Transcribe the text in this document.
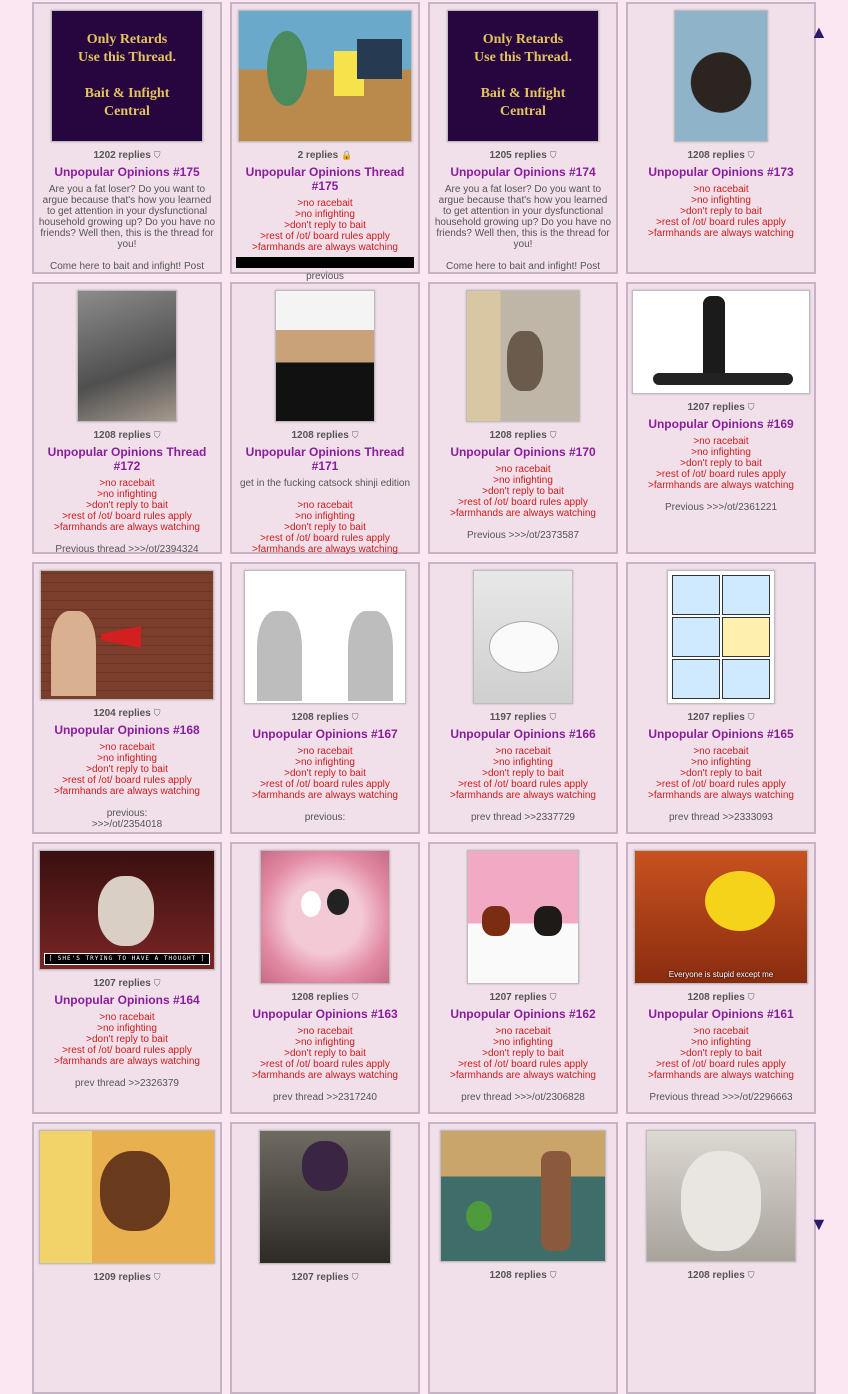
Only Retards
Use this Thread.
Bait & Infight
Central
1202 replies ⛉
Unpopular Opinions #175
Are you a fat loser? Do you want to argue because that's how you learned to get attention in your dysfunctional household growing up? Do you have no friends? Well then, this is the thread for you!
Come here to bait and infight! Post
2 replies 🔒
Unpopular Opinions Thread #175
>no racebait
>no infighting
>don't reply to bait
>rest of /ot/ board rules apply
>farmhands are always watching
previous
Only Retards
Use this Thread.
Bait & Infight
Central
1205 replies ⛉
Unpopular Opinions #174
Are you a fat loser? Do you want to argue because that's how you learned to get attention in your dysfunctional household growing up? Do you have no friends? Well then, this is the thread for you!
Come here to bait and infight! Post
1208 replies ⛉
Unpopular Opinions #173
>no racebait
>no infighting
>don't reply to bait
>rest of /ot/ board rules apply
>farmhands are always watching
1208 replies ⛉
Unpopular Opinions Thread #172
>no racebait
>no infighting
>don't reply to bait
>rest of /ot/ board rules apply
>farmhands are always watching
Previous thread >>>/ot/2394324
1208 replies ⛉
Unpopular Opinions Thread #171
get in the fucking catsock shinji edition
>no racebait
>no infighting
>don't reply to bait
>rest of /ot/ board rules apply
>farmhands are always watching
1208 replies ⛉
Unpopular Opinions #170
>no racebait
>no infighting
>don't reply to bait
>rest of /ot/ board rules apply
>farmhands are always watching
Previous >>>/ot/2373587
1207 replies ⛉
Unpopular Opinions #169
>no racebait
>no infighting
>don't reply to bait
>rest of /ot/ board rules apply
>farmhands are always watching
Previous >>>/ot/2361221
1204 replies ⛉
Unpopular Opinions #168
>no racebait
>no infighting
>don't reply to bait
>rest of /ot/ board rules apply
>farmhands are always watching
previous:
>>>/ot/2354018
1208 replies ⛉
Unpopular Opinions #167
>no racebait
>no infighting
>don't reply to bait
>rest of /ot/ board rules apply
>farmhands are always watching
previous:
1197 replies ⛉
Unpopular Opinions #166
>no racebait
>no infighting
>don't reply to bait
>rest of /ot/ board rules apply
>farmhands are always watching
prev thread >>2337729
1207 replies ⛉
Unpopular Opinions #165
>no racebait
>no infighting
>don't reply to bait
>rest of /ot/ board rules apply
>farmhands are always watching
prev thread >>2333093
[ SHE'S TRYING TO HAVE A THOUGHT ]
1207 replies ⛉
Unpopular Opinions #164
>no racebait
>no infighting
>don't reply to bait
>rest of /ot/ board rules apply
>farmhands are always watching
prev thread >>2326379
1208 replies ⛉
Unpopular Opinions #163
>no racebait
>no infighting
>don't reply to bait
>rest of /ot/ board rules apply
>farmhands are always watching
prev thread >>2317240
1207 replies ⛉
Unpopular Opinions #162
>no racebait
>no infighting
>don't reply to bait
>rest of /ot/ board rules apply
>farmhands are always watching
prev thread >>>/ot/2306828
Everyone is stupid except me
1208 replies ⛉
Unpopular Opinions #161
>no racebait
>no infighting
>don't reply to bait
>rest of /ot/ board rules apply
>farmhands are always watching
Previous thread >>>/ot/2296663
1209 replies ⛉	1207 replies ⛉	1208 replies ⛉	1208 replies ⛉
▲
▼
